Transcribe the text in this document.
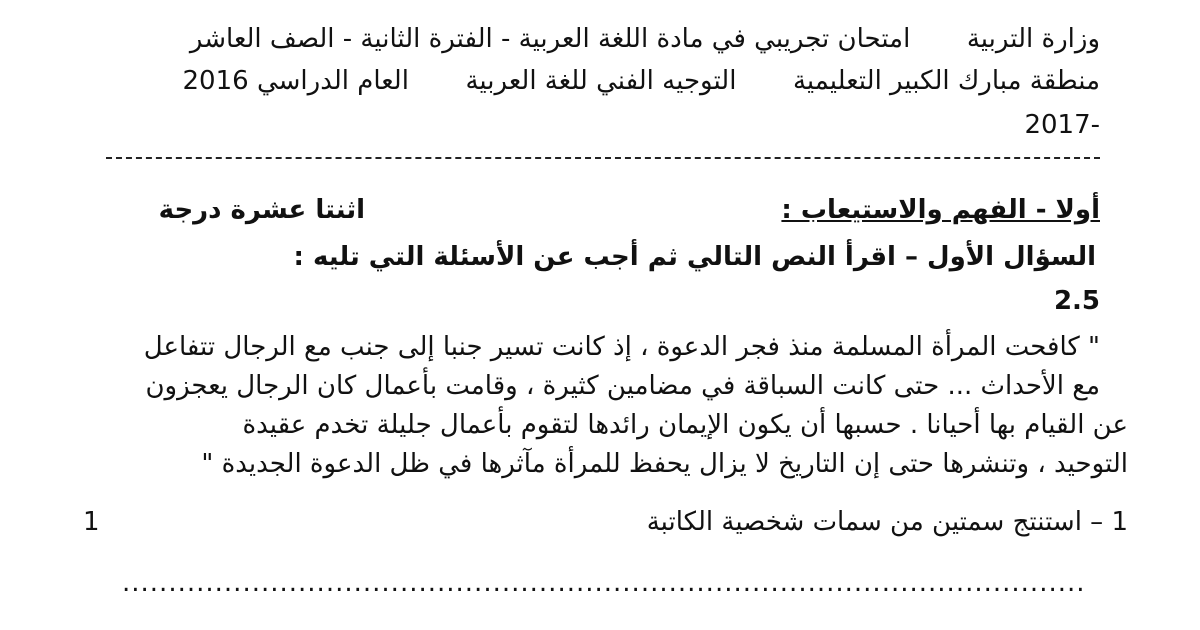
وزارة التربية  امتحان تجريبي في مادة اللغة العربية - الفترة الثانية - الصف العاشر
منطقة مبارك الكبير التعليمية  التوجيه الفني للغة العربية  العام الدراسي 2016
2017-
أولا - الفهم والاستيعاب :
اثنتا عشرة درجة
السؤال الأول – اقرأ النص التالي ثم أجب عن الأسئلة التي تليه :
2.5
" كافحت المرأة المسلمة منذ فجر الدعوة ، إذ كانت تسير جنبا إلى جنب مع الرجال تتفاعل
مع الأحداث ... حتى كانت السباقة في مضامين كثيرة ، وقامت بأعمال كان الرجال يعجزون
عن القيام بها أحيانا . حسبها أن يكون الإيمان رائدها لتقوم بأعمال جليلة تخدم عقيدة
التوحيد ، وتنشرها حتى إن التاريخ لا يزال يحفظ للمرأة مآثرها في ظل الدعوة الجديدة "
1 – استنتج سمتين من سمات شخصية الكاتبة
1
........................................................................................................
